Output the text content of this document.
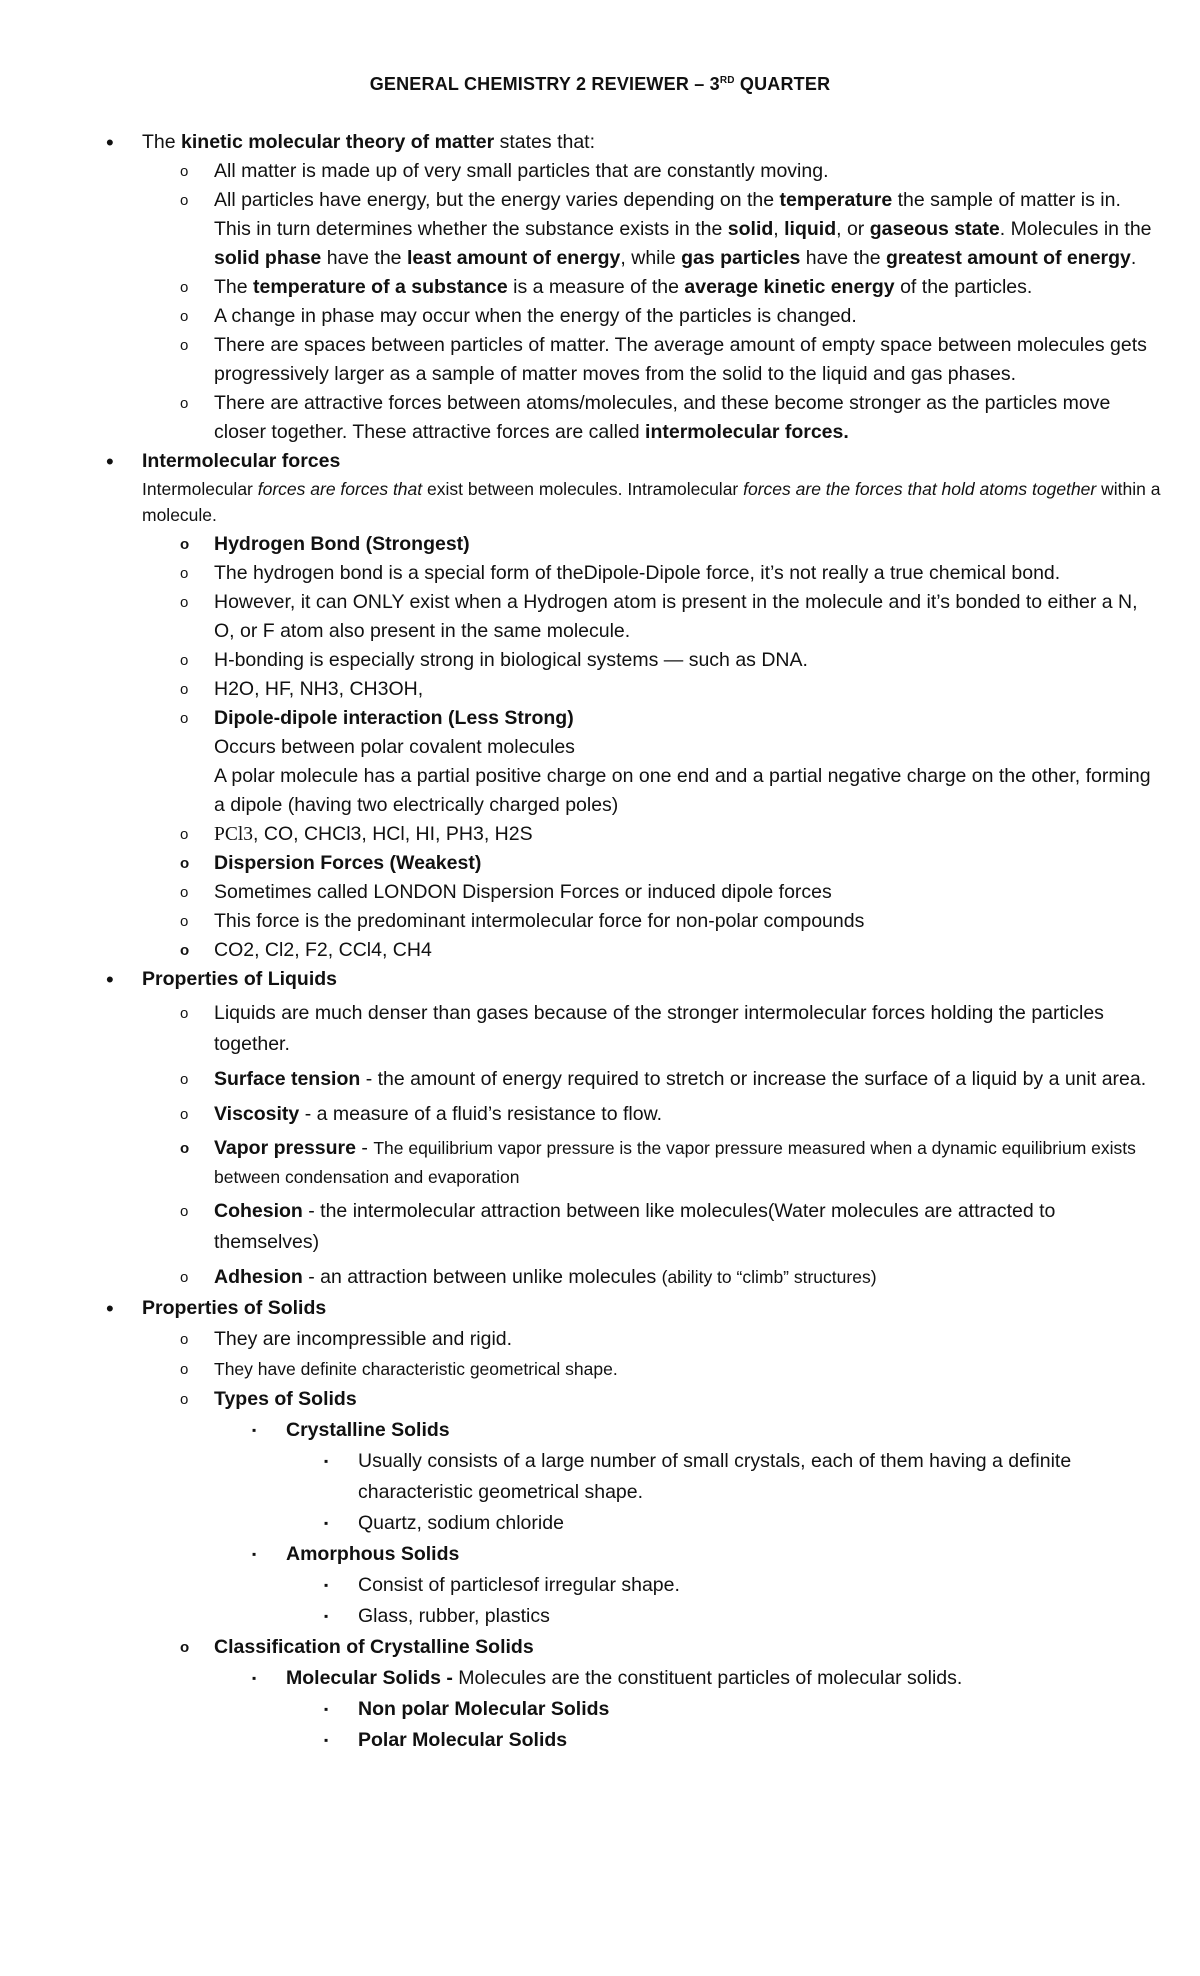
GENERAL CHEMISTRY 2 REVIEWER – 3RD QUARTER
• The kinetic molecular theory of matter states that:
o All matter is made up of very small particles that are constantly moving.
o All particles have energy, but the energy varies depending on the temperature the sample of matter is in. This in turn determines whether the substance exists in the solid, liquid, or gaseous state. Molecules in the solid phase have the least amount of energy, while gas particles have the greatest amount of energy.
o The temperature of a substance is a measure of the average kinetic energy of the particles.
o A change in phase may occur when the energy of the particles is changed.
o There are spaces between particles of matter. The average amount of empty space between molecules gets progressively larger as a sample of matter moves from the solid to the liquid and gas phases.
o There are attractive forces between atoms/molecules, and these become stronger as the particles move closer together. These attractive forces are called intermolecular forces.
• Intermolecular forces
Intermolecular forces are forces that exist between molecules. Intramolecular forces are the forces that hold atoms together within a molecule.
o Hydrogen Bond (Strongest)
o The hydrogen bond is a special form of theDipole-Dipole force, it’s not really a true chemical bond.
o However, it can ONLY exist when a Hydrogen atom is present in the molecule and it’s bonded to either a N, O, or F atom also present in the same molecule.
o H-bonding is especially strong in biological systems — such as DNA.
o H2O, HF, NH3, CH3OH,
o Dipole-dipole interaction (Less Strong)
Occurs between polar covalent molecules
A polar molecule has a partial positive charge on one end and a partial negative charge on the other, forming a dipole (having two electrically charged poles)
o PCl3, CO, CHCl3, HCl, HI, PH3, H2S
o Dispersion Forces (Weakest)
o Sometimes called LONDON Dispersion Forces or induced dipole forces
o This force is the predominant intermolecular force for non-polar compounds
o CO2, Cl2, F2, CCl4, CH4
• Properties of Liquids
o Liquids are much denser than gases because of the stronger intermolecular forces holding the particles together.
o Surface tension - the amount of energy required to stretch or increase the surface of a liquid by a unit area.
o Viscosity - a measure of a fluid’s resistance to flow.
o Vapor pressure - The equilibrium vapor pressure is the vapor pressure measured when a dynamic equilibrium exists between condensation and evaporation
o Cohesion - the intermolecular attraction between like molecules(Water molecules are attracted to themselves)
o Adhesion - an attraction between unlike molecules (ability to “climb” structures)
• Properties of Solids
o They are incompressible and rigid.
o They have definite characteristic geometrical shape.
o Types of Solids
▪ Crystalline Solids
▪ Usually consists of a large number of small crystals, each of them having a definite characteristic geometrical shape.
▪ Quartz, sodium chloride
▪ Amorphous Solids
▪ Consist of particlesof irregular shape.
▪ Glass, rubber, plastics
o Classification of Crystalline Solids
▪ Molecular Solids - Molecules are the constituent particles of molecular solids.
▪ Non polar Molecular Solids
▪ Polar Molecular Solids
